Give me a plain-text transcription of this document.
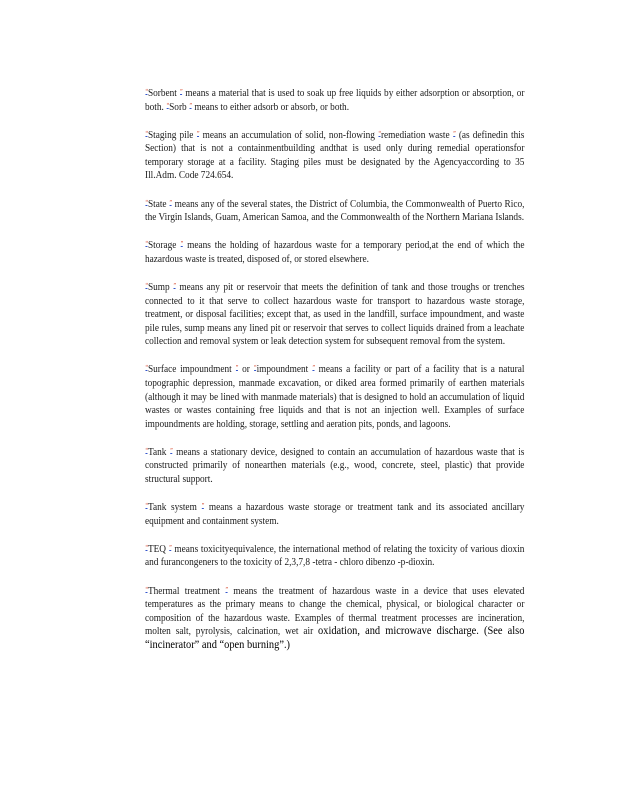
“Sorbent ” means a material that is used to soak up free liquids by either adsorption or absorption, or both. “Sorb ” means to either adsorb or absorb, or both.

“Staging pile ” means an accumulation of solid, non-flowing “remediation waste ” (as definedin this Section) that is not a containmentbuilding andthat is used only during remedial operationsfor temporary storage at a facility. Staging piles must be designated by the Agencyaccording to 35 Ill.Adm. Code 724.654.

“State ” means any of the several states, the District of Columbia, the Commonwealth of Puerto Rico, the Virgin Islands, Guam, American Samoa, and the Commonwealth of the Northern Mariana Islands.

“Storage ” means the holding of hazardous waste for a temporary period,at the end of which the hazardous waste is treated, disposed of, or stored elsewhere.

“Sump ” means any pit or reservoir that meets the definition of tank and those troughs or trenches connected to it that serve to collect hazardous waste for transport to hazardous waste storage, treatment, or disposal facilities; except that, as used in the landfill, surface impoundment, and waste pile rules, sump means any lined pit or reservoir that serves to collect liquids drained from a leachate collection and removal system or leak detection system for subsequent removal from the system.

“Surface impoundment ” or “impoundment ” means a facility or part of a facility that is a natural topographic depression, manmade excavation, or diked area formed primarily of earthen materials (although it may be lined with manmade materials) that is designed to hold an accumulation of liquid wastes or wastes containing free liquids and that is not an injection well. Examples of surface impoundments are holding, storage, settling and aeration pits, ponds, and lagoons.

“Tank ” means a stationary device, designed to contain an accumulation of hazardous waste that is constructed primarily of nonearthen materials (e.g., wood, concrete, steel, plastic) that provide structural support.

“Tank system ” means a hazardous waste storage or treatment tank and its associated ancillary equipment and containment system.

“TEQ ” means toxicityequivalence, the international method of relating the toxicity of various dioxin and furancongeners to the toxicity of 2,3,7,8 -tetra - chloro dibenzo -p-dioxin.

“Thermal treatment ” means the treatment of hazardous waste in a device that uses elevated temperatures as the primary means to change the chemical, physical, or biological character or composition of the hazardous waste. Examples of thermal treatment processes are incineration, molten salt, pyrolysis, calcination, wet air oxidation, and microwave discharge. (See also “incinerator” and “open burning”.)
